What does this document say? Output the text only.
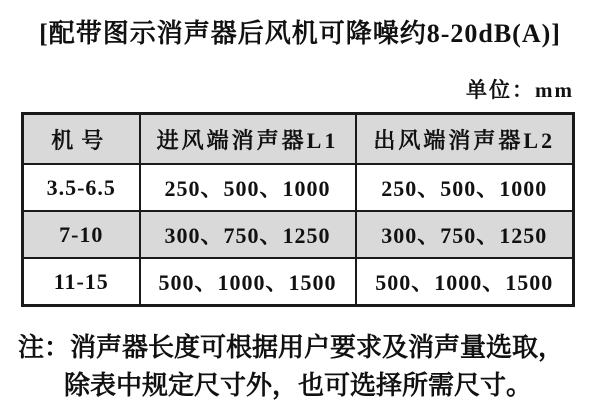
[配带图示消声器后风机可降噪约8-20dB(A)]
单位：mm
机号	进风端消声器L1	出风端消声器L2
3.5-6.5	250、500、1000	250、500、1000
7-10	300、750、1250	300、750、1250
11-15	500、1000、1500	500、1000、1500
注：消声器长度可根据用户要求及消声量选取，
除表中规定尺寸外，也可选择所需尺寸。
